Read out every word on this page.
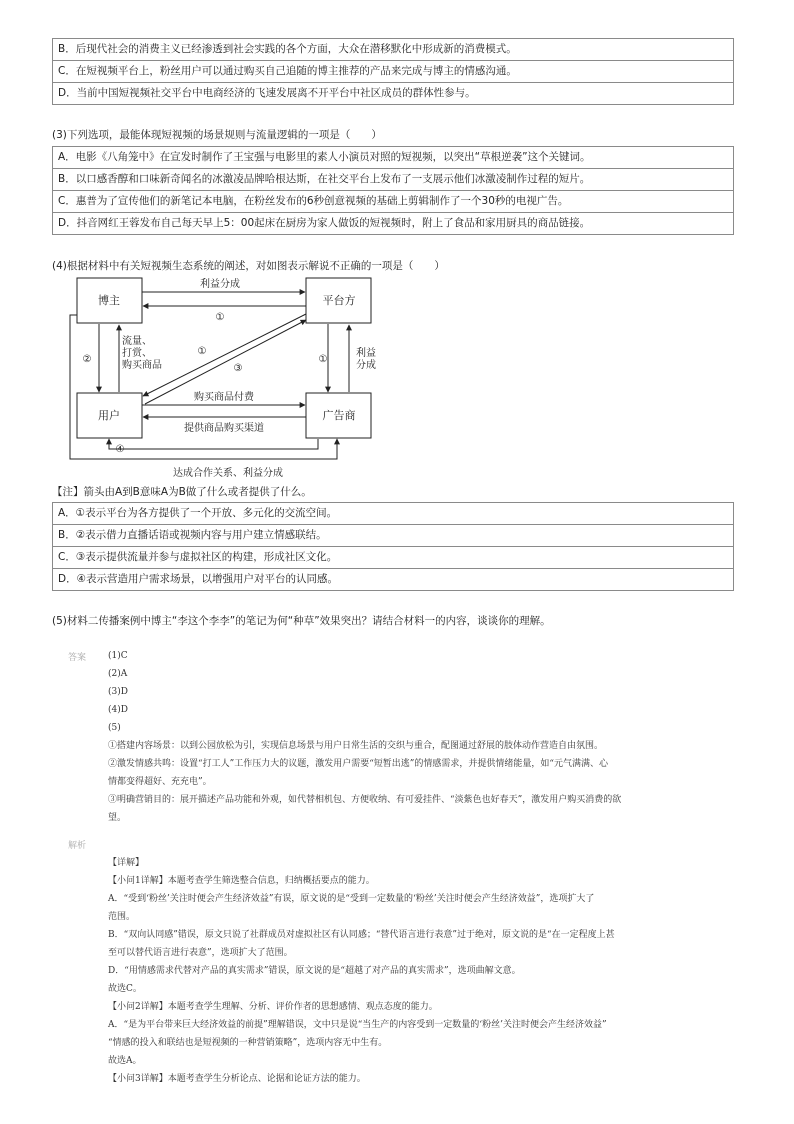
B．后现代社会的消费主义已经渗透到社会实践的各个方面，大众在潜移默化中形成新的消费模式。
C．在短视频平台上，粉丝用户可以通过购买自己追随的博主推荐的产品来完成与博主的情感沟通。
D．当前中国短视频社交平台中电商经济的飞速发展离不开平台中社区成员的群体性参与。
(3)下列选项，最能体现短视频的场景规则与流量逻辑的一项是（　　）
A．电影《八角笼中》在宣发时制作了王宝强与电影里的素人小演员对照的短视频，以突出“草根逆袭”这个关键词。
B．以口感香醇和口味新奇闻名的冰激凌品牌哈根达斯，在社交平台上发布了一支展示他们冰激凌制作过程的短片。
C．惠普为了宣传他们的新笔记本电脑，在粉丝发布的6秒创意视频的基础上剪辑制作了一个30秒的电视广告。
D．抖音网红王蓉发布自己每天早上5：00起床在厨房为家人做饭的短视频时，附上了食品和家用厨具的商品链接。
(4)根据材料中有关短视频生态系统的阐述，对如图表示解说不正确的一项是（　　）
博主	平台方
用户	广告商
利益分成
①
②
流量、
打赏、
购买商品
①
③
①
利益
分成
购买商品付费
提供商品购买渠道
④
达成合作关系、利益分成
【注】箭头由A到B意味A为B做了什么或者提供了什么。
A．①表示平台为各方提供了一个开放、多元化的交流空间。
B．②表示借力直播话语或视频内容与用户建立情感联结。
C．③表示提供流量并参与虚拟社区的构建，形成社区文化。
D．④表示营造用户需求场景，以增强用户对平台的认同感。
(5)材料二传播案例中博主“李这个李李”的笔记为何“种草”效果突出？请结合材料一的内容，谈谈你的理解。
答案 (1)C
(2)A
(3)D
(4)D
(5)
①搭建内容场景：以到公园放松为引，实现信息场景与用户日常生活的交织与重合，配图通过舒展的肢体动作营造自由氛围。
②激发情感共鸣：设置“打工人”工作压力大的议题，激发用户需要“短暂出逃”的情感需求，并提供情绪能量，如“元气满满、心
情都变得超好、充充电”。
③明确营销目的：展开描述产品功能和外观，如代替相机包、方便收纳、有可爱挂件、“淡紫色也好春天”，激发用户购买消费的欲
望。
解析
【详解】
【小问1详解】本题考查学生筛选整合信息，归纳概括要点的能力。
A．“受到‘粉丝’关注时便会产生经济效益”有误，原文说的是“受到一定数量的‘粉丝’关注时便会产生经济效益”，选项扩大了
范围。
B．“双向认同感”错误，原文只说了社群成员对虚拟社区有认同感；“替代语言进行表意”过于绝对，原文说的是“在一定程度上甚
至可以替代语言进行表意”，选项扩大了范围。
D．“用情感需求代替对产品的真实需求”错误，原文说的是“超越了对产品的真实需求”，选项曲解文意。
故选C。
【小问2详解】本题考查学生理解、分析、评价作者的思想感情、观点态度的能力。
A．“是为平台带来巨大经济效益的前提”理解错误，文中只是说“当生产的内容受到一定数量的‘粉丝’关注时便会产生经济效益”
“情感的投入和联结也是短视频的一种营销策略”，选项内容无中生有。
故选A。
【小问3详解】本题考查学生分析论点、论据和论证方法的能力。
